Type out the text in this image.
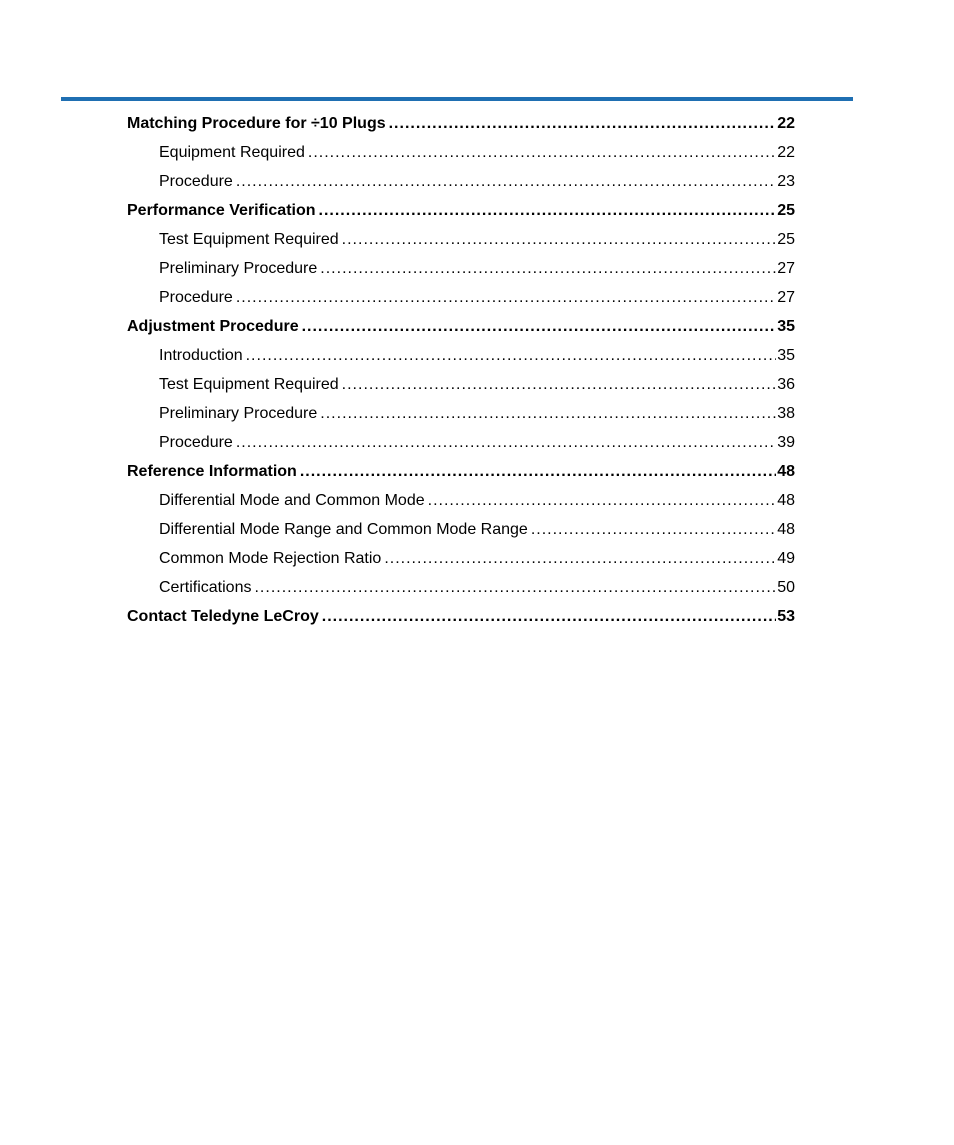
Matching Procedure for ÷10 Plugs .....	22
Equipment Required .....	22
Procedure .....	23
Performance Verification .....	25
Test Equipment Required .....	25
Preliminary Procedure .....	27
Procedure .....	27
Adjustment Procedure .....	35
Introduction .....	35
Test Equipment Required .....	36
Preliminary Procedure .....	38
Procedure .....	39
Reference Information .....	48
Differential Mode and Common Mode .....	48
Differential Mode Range and Common Mode Range .....	48
Common Mode Rejection Ratio .....	49
Certifications .....	50
Contact Teledyne LeCroy .....	53
